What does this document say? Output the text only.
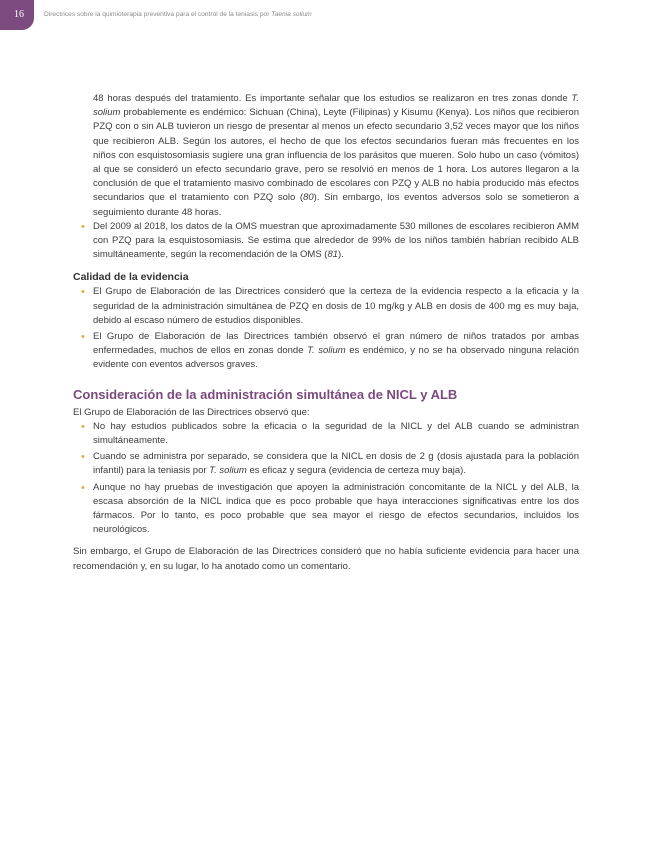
16	Directrices sobre la quimioterapia preventiva para el control de la teniasis por Taenia solium

48 horas después del tratamiento. Es importante señalar que los estudios se realizaron en tres zonas donde T. solium probablemente es endémico: Sichuan (China), Leyte (Filipinas) y Kisumu (Kenya). Los niños que recibieron PZQ con o sin ALB tuvieron un riesgo de presentar al menos un efecto secundario 3,52 veces mayor que los niños que recibieron ALB. Según los autores, el hecho de que los efectos secundarios fueran más frecuentes en los niños con esquistosomiasis sugiere una gran influencia de los parásitos que mueren. Solo hubo un caso (vómitos) al que se consideró un efecto secundario grave, pero se resolvió en menos de 1 hora. Los autores llegaron a la conclusión de que el tratamiento masivo combinado de escolares con PZQ y ALB no había producido más efectos secundarios que el tratamiento con PZQ solo (80). Sin embargo, los eventos adversos solo se sometieron a seguimiento durante 48 horas.

• Del 2009 al 2018, los datos de la OMS muestran que aproximadamente 530 millones de escolares recibieron AMM con PZQ para la esquistosomiasis. Se estima que alrededor de 99% de los niños también habrían recibido ALB simultáneamente, según la recomendación de la OMS (81).
Calidad de la evidencia
• El Grupo de Elaboración de las Directrices consideró que la certeza de la evidencia respecto a la eficacia y la seguridad de la administración simultánea de PZQ en dosis de 10 mg/kg y ALB en dosis de 400 mg es muy baja, debido al escaso número de estudios disponibles.
• El Grupo de Elaboración de las Directrices también observó el gran número de niños tratados por ambas enfermedades, muchos de ellos en zonas donde T. solium es endémico, y no se ha observado ninguna relación evidente con eventos adversos graves.
Consideración de la administración simultánea de NICL y ALB

El Grupo de Elaboración de las Directrices observó que:

• No hay estudios publicados sobre la eficacia o la seguridad de la NICL y del ALB cuando se administran simultáneamente.
• Cuando se administra por separado, se considera que la NICL en dosis de 2 g (dosis ajustada para la población infantil) para la teniasis por T. solium es eficaz y segura (evidencia de certeza muy baja).
• Aunque no hay pruebas de investigación que apoyen la administración concomitante de la NICL y del ALB, la escasa absorción de la NICL indica que es poco probable que haya interacciones significativas entre los dos fármacos. Por lo tanto, es poco probable que sea mayor el riesgo de efectos secundarios, incluidos los neurológicos.

Sin embargo, el Grupo de Elaboración de las Directrices consideró que no había suficiente evidencia para hacer una recomendación y, en su lugar, lo ha anotado como un comentario.
